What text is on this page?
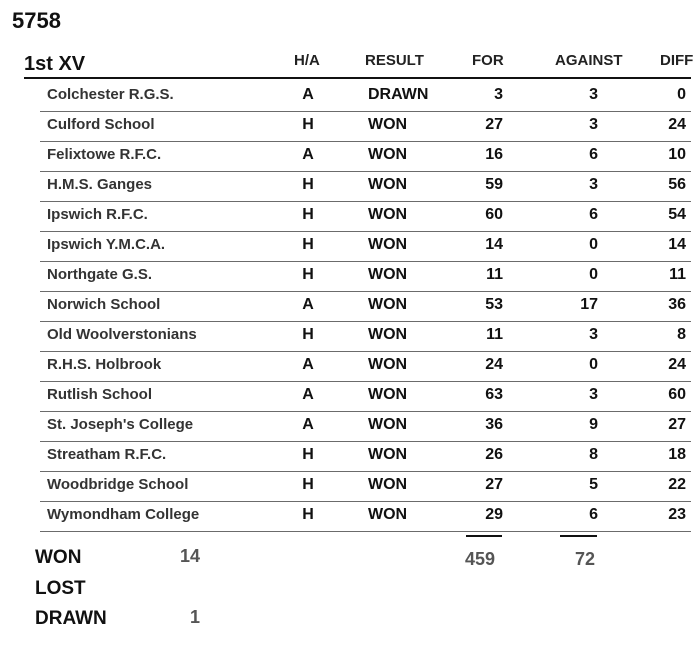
5758
1st XV	H/A	RESULT	FOR	AGAINST	DIFF
Colchester R.G.S.	A	DRAWN	3	3	0
Culford School	H	WON	27	3	24
Felixtowe R.F.C.	A	WON	16	6	10
H.M.S. Ganges	H	WON	59	3	56
Ipswich R.F.C.	H	WON	60	6	54
Ipswich Y.M.C.A.	H	WON	14	0	14
Northgate G.S.	H	WON	11	0	11
Norwich School	A	WON	53	17	36
Old Woolverstonians	H	WON	11	3	8
R.H.S. Holbrook	A	WON	24	0	24
Rutlish School	A	WON	63	3	60
St. Joseph's College	A	WON	36	9	27
Streatham R.F.C.	H	WON	26	8	18
Woodbridge School	H	WON	27	5	22
Wymondham College	H	WON	29	6	23
459	72
WON	14
LOST
DRAWN	1
